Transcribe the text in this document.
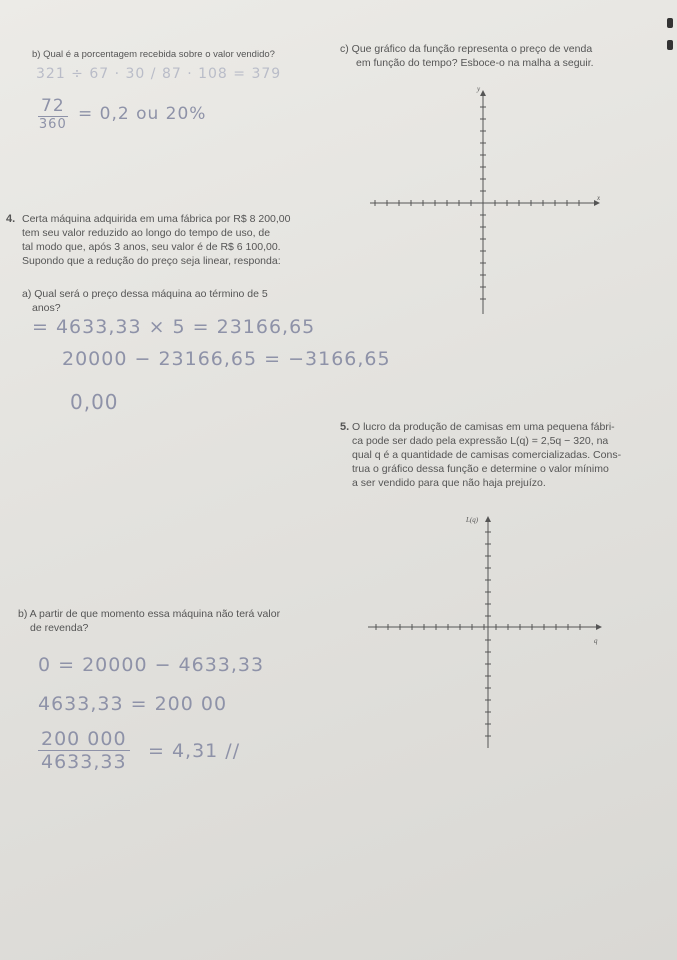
b) Qual é a porcentagem recebida sobre o valor vendido?	c) Que gráfico da função representa o preço de venda
em função do tempo? Esboce-o na malha a seguir.
321 ÷ 67 · 30 / 87 · 108 = 379
72
360
= 0,2 ou 20%
4. Certa máquina adquirida em uma fábrica por R$ 8 200,00
tem seu valor reduzido ao longo do tempo de uso, de
tal modo que, após 3 anos, seu valor é de R$ 6 100,00.
Supondo que a redução do preço seja linear, responda:
a) Qual será o preço dessa máquina ao término de 5
anos?
= 4633,33 × 5 = 23166,65
20000 − 23166,65 = −3166,65
0,00
b) A partir de que momento essa máquina não terá valor
de revenda?
0 = 20000 − 4633,33
4633,33 = 200 00
$\frac{200 000}{4633,33} = 4,31$ //
5. O lucro da produção de camisas em uma pequena fábri-
ca pode ser dado pela expressão L(q) = 2,5q − 320, na
qual q é a quantidade de camisas comercializadas. Cons-
trua o gráfico dessa função e determine o valor mínimo
a ser vendido para que não haja prejuízo.
x
y
q
L(q)
